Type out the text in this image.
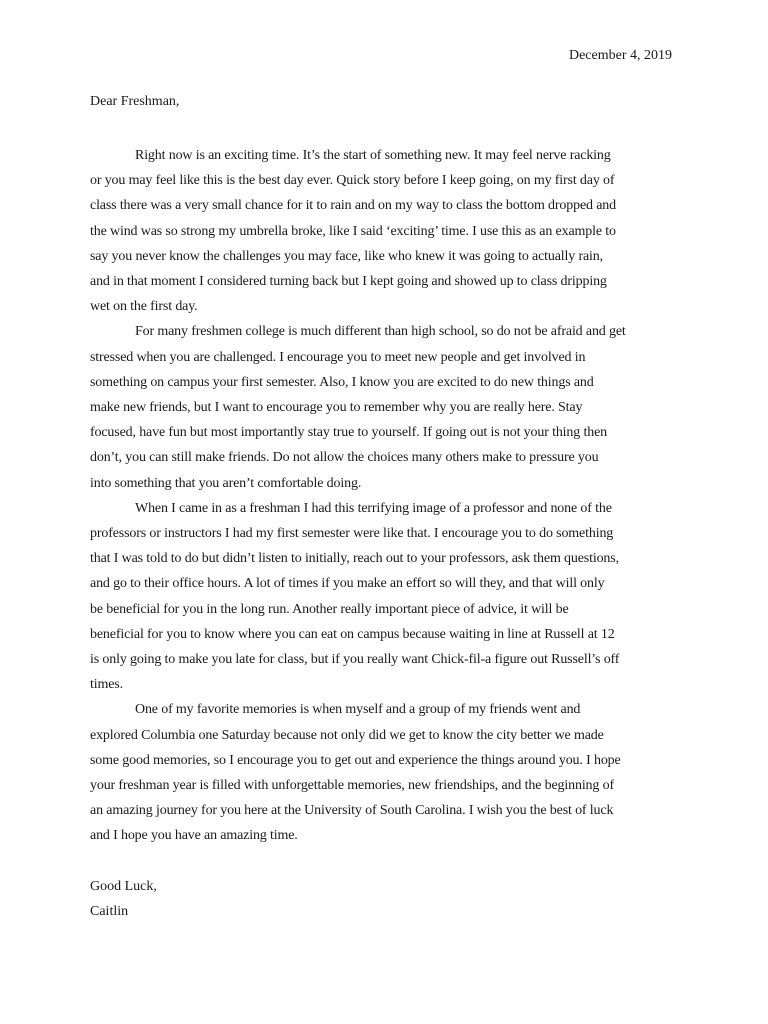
December 4, 2019
Dear Freshman,

Right now is an exciting time. It’s the start of something new. It may feel nerve racking
or you may feel like this is the best day ever. Quick story before I keep going, on my first day of
class there was a very small chance for it to rain and on my way to class the bottom dropped and
the wind was so strong my umbrella broke, like I said ‘exciting’ time. I use this as an example to
say you never know the challenges you may face, like who knew it was going to actually rain,
and in that moment I considered turning back but I kept going and showed up to class dripping
wet on the first day.

For many freshmen college is much different than high school, so do not be afraid and get
stressed when you are challenged. I encourage you to meet new people and get involved in
something on campus your first semester. Also, I know you are excited to do new things and
make new friends, but I want to encourage you to remember why you are really here. Stay
focused, have fun but most importantly stay true to yourself. If going out is not your thing then
don’t, you can still make friends. Do not allow the choices many others make to pressure you
into something that you aren’t comfortable doing.

When I came in as a freshman I had this terrifying image of a professor and none of the
professors or instructors I had my first semester were like that. I encourage you to do something
that I was told to do but didn’t listen to initially, reach out to your professors, ask them questions,
and go to their office hours. A lot of times if you make an effort so will they, and that will only
be beneficial for you in the long run. Another really important piece of advice, it will be
beneficial for you to know where you can eat on campus because waiting in line at Russell at 12
is only going to make you late for class, but if you really want Chick-fil-a figure out Russell’s off
times.

One of my favorite memories is when myself and a group of my friends went and
explored Columbia one Saturday because not only did we get to know the city better we made
some good memories, so I encourage you to get out and experience the things around you. I hope
your freshman year is filled with unforgettable memories, new friendships, and the beginning of
an amazing journey for you here at the University of South Carolina. I wish you the best of luck
and I hope you have an amazing time.

Good Luck,
Caitlin
